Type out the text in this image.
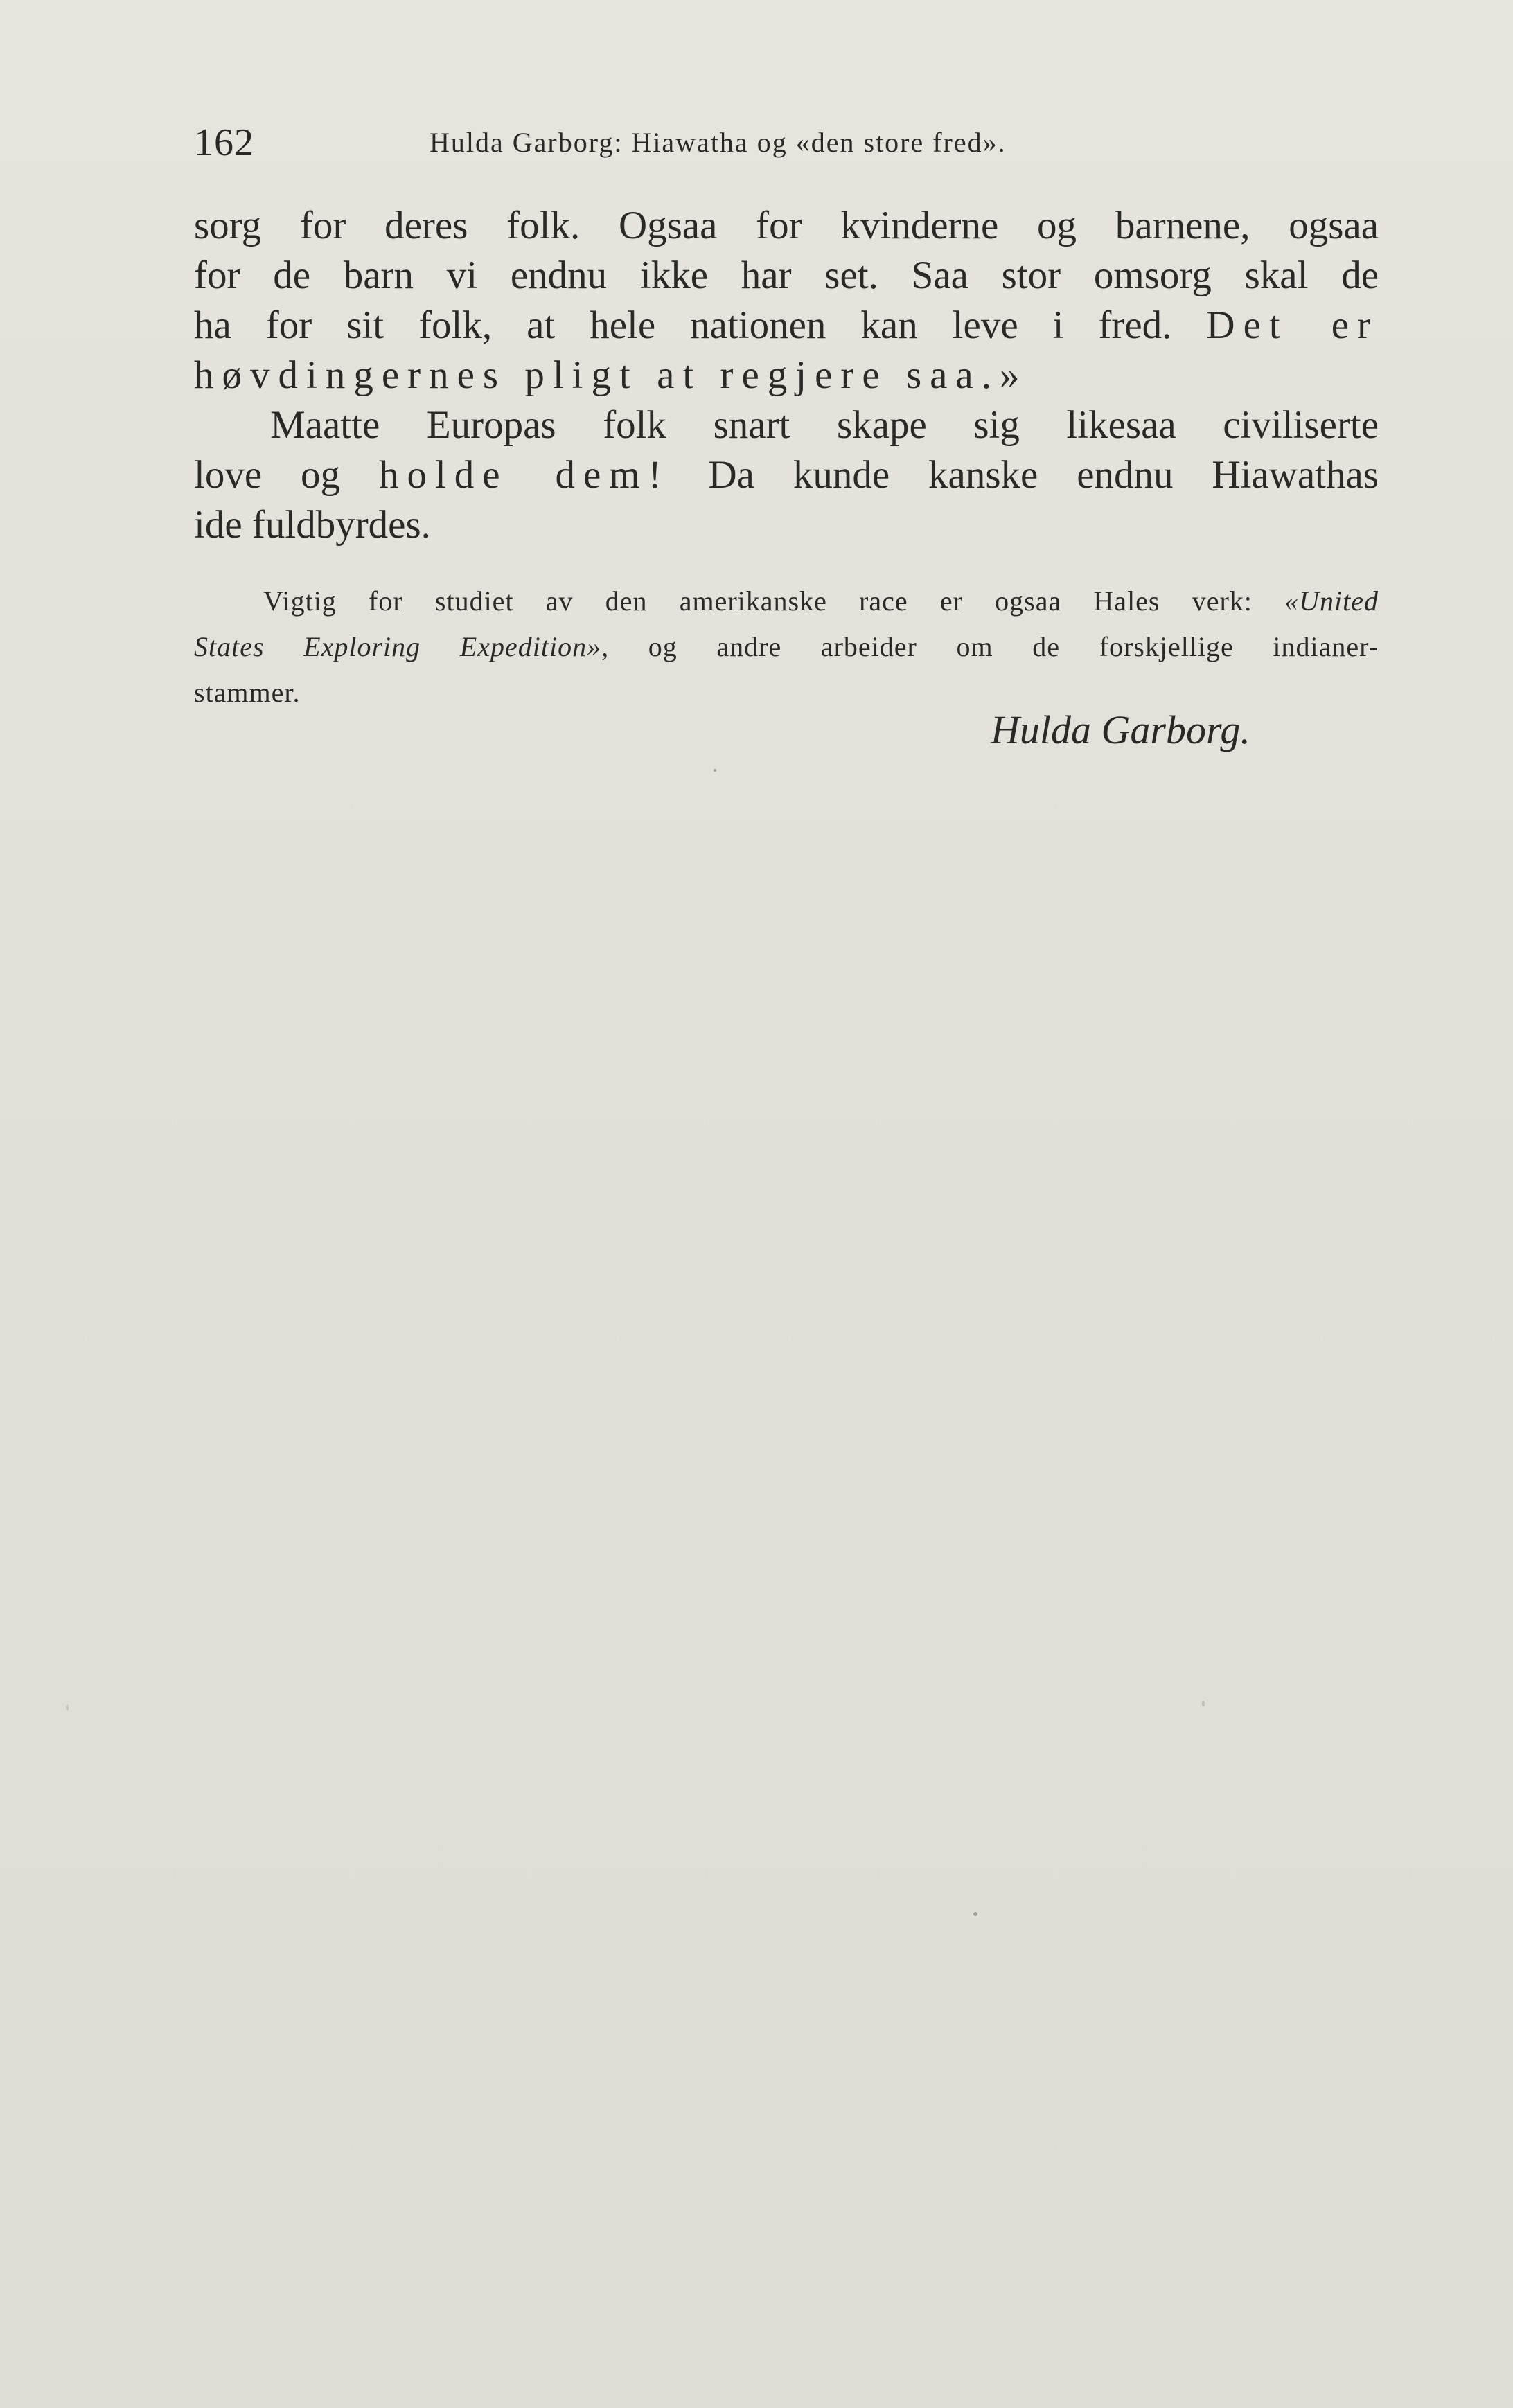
162	Hulda Garborg: Hiawatha og «den store fred».
sorg for deres folk. Ogsaa for kvinderne og barnene, ogsaa
for de barn vi endnu ikke har set. Saa stor omsorg skal de
ha for sit folk, at hele nationen kan leve i fred. Det er
høvdingernes pligt at regjere saa.»
Maatte Europas folk snart skape sig likesaa civiliserte
love og holde dem! Da kunde kanske endnu Hiawathas
ide fuldbyrdes.
Vigtig for studiet av den amerikanske race er ogsaa Hales verk: «United
States Exploring Expedition», og andre arbeider om de forskjellige indianer-
stammer.
Hulda Garborg.
